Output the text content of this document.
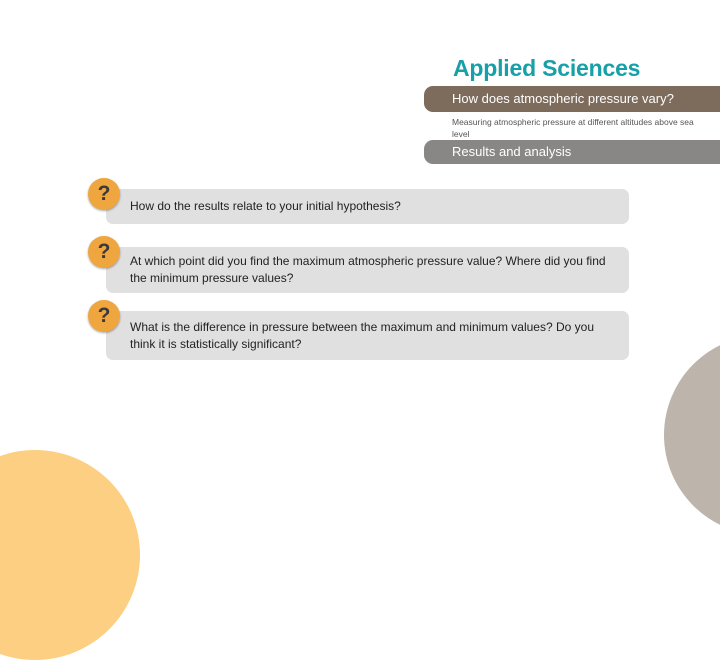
Applied Sciences
How does atmospheric pressure vary?
Measuring atmospheric pressure at different altitudes above sea level
Results and analysis
How do the results relate to your initial hypothesis?
?
At which point did you find the maximum atmospheric pressure value? Where did you find the minimum pressure values?
?
What is the difference in pressure between the maximum and minimum values? Do you think it is statistically significant?
?
